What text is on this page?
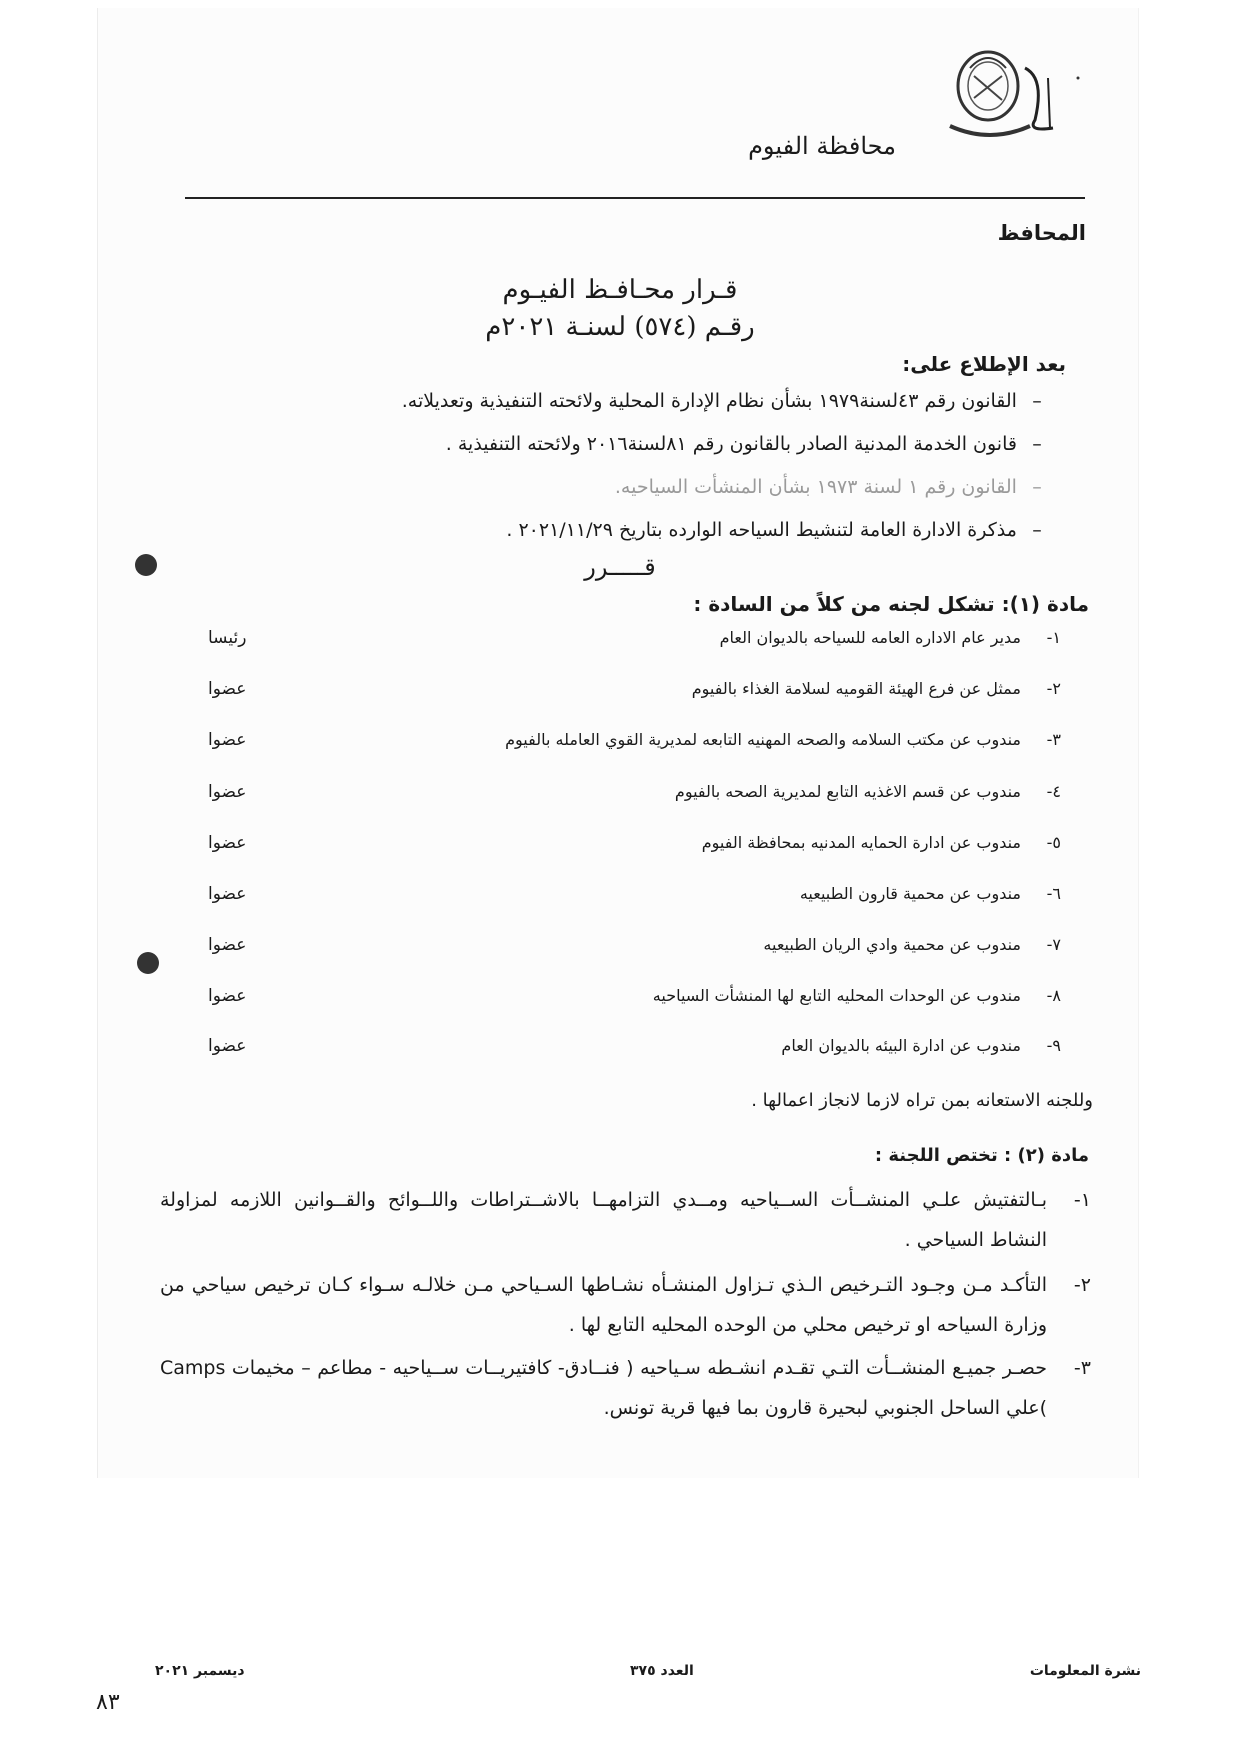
محافظة الفيوم
المحافظ
قـرار محـافـظ الفيـوم
رقـم (٥٧٤) لسنـة ٢٠٢١م
بعد الإطلاع على:
– القانون رقم ٤٣لسنة١٩٧٩ بشأن نظام الإدارة المحلية ولائحته التنفيذية وتعديلاته.
– قانون الخدمة المدنية الصادر بالقانون رقم ٨١لسنة٢٠١٦ ولائحته التنفيذية .
– القانون رقم ١ لسنة ١٩٧٣ بشأن المنشأت السياحيه.
– مذكرة الادارة العامة لتنشيط السياحه الوارده بتاريخ ٢٠٢١/١١/٢٩ .
قـــــرر
مادة (١): تشكل لجنه من كلاً من السادة :
١-
مدير عام الاداره العامه للسياحه بالديوان العام
رئيسا
٢-
ممثل عن فرع الهيئة القوميه لسلامة الغذاء بالفيوم
عضوا
٣-
مندوب عن مكتب السلامه والصحه المهنيه التابعه لمديرية القوي العامله بالفيوم
عضوا
٤-
مندوب عن قسم الاغذيه التابع لمديرية الصحه بالفيوم
عضوا
٥-
مندوب عن ادارة الحمايه المدنيه بمحافظة الفيوم
عضوا
٦-
مندوب عن محمية قارون الطبيعيه
عضوا
٧-
مندوب عن محمية وادي الريان الطبيعيه
عضوا
٨-
مندوب عن الوحدات المحليه التابع لها المنشأت السياحيه
عضوا
٩-
مندوب عن ادارة البيئه بالديوان العام
عضوا
وللجنه الاستعانه بمن تراه لازما لانجاز اعمالها .
مادة (٢) : تختص اللجنة :
١-
بـالتفتيش علـي المنشــأت الســياحيه ومــدي التزامهــا بالاشــتراطات واللــوائح والقــوانين اللازمه لمزاولة النشاط السياحي .
٢-
التأكـد مـن وجـود التـرخيص الـذي تـزاول المنشـأه نشـاطها السـياحي مـن خلالـه سـواء كـان ترخيص سياحي من وزارة السياحه او ترخيص محلي من الوحده المحليه التابع لها .
٣-
حصـر جميـع المنشــأت التـي تقـدم انشـطه سـياحيه ( فنــادق- كافتيريــات ســياحيه - مطاعم – مخيمات Camps )علي الساحل الجنوبي لبحيرة قارون بما فيها قرية تونس.
نشرة المعلومات
العدد ٣٧٥
ديسمبر ٢٠٢١
٨٣
